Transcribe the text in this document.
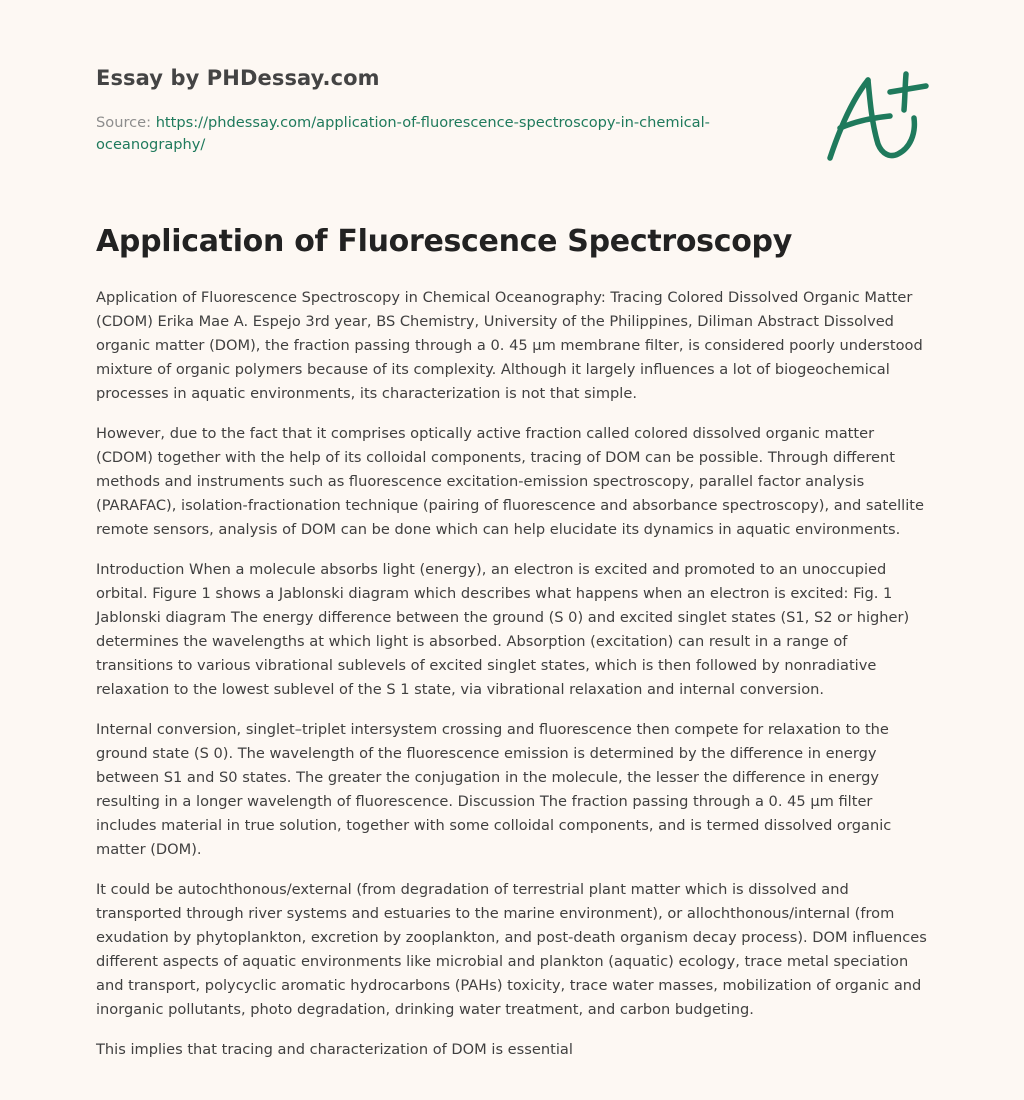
Essay by PHDessay.com
Source: https://phdessay.com/application-of-fluorescence-spectroscopy-in-chemical-oceanography/
Application of Fluorescence Spectroscopy

Application of Fluorescence Spectroscopy in Chemical Oceanography: Tracing Colored Dissolved Organic Matter (CDOM) Erika Mae A. Espejo 3rd year, BS Chemistry, University of the Philippines, Diliman Abstract Dissolved organic matter (DOM), the fraction passing through a 0. 45 μm membrane filter, is considered poorly understood mixture of organic polymers because of its complexity. Although it largely influences a lot of biogeochemical processes in aquatic environments, its characterization is not that simple.

However, due to the fact that it comprises optically active fraction called colored dissolved organic matter (CDOM) together with the help of its colloidal components, tracing of DOM can be possible. Through different methods and instruments such as fluorescence excitation-emission spectroscopy, parallel factor analysis (PARAFAC), isolation-fractionation technique (pairing of fluorescence and absorbance spectroscopy), and satellite remote sensors, analysis of DOM can be done which can help elucidate its dynamics in aquatic environments.

Introduction When a molecule absorbs light (energy), an electron is excited and promoted to an unoccupied orbital. Figure 1 shows a Jablonski diagram which describes what happens when an electron is excited: Fig. 1 Jablonski diagram The energy difference between the ground (S 0) and excited singlet states (S1, S2 or higher) determines the wavelengths at which light is absorbed. Absorption (excitation) can result in a range of transitions to various vibrational sublevels of excited singlet states, which is then followed by nonradiative relaxation to the lowest sublevel of the S 1 state, via vibrational relaxation and internal conversion.

Internal conversion, singlet–triplet intersystem crossing and fluorescence then compete for relaxation to the ground state (S 0). The wavelength of the fluorescence emission is determined by the difference in energy between S1 and S0 states. The greater the conjugation in the molecule, the lesser the difference in energy resulting in a longer wavelength of fluorescence. Discussion The fraction passing through a 0. 45 μm filter includes material in true solution, together with some colloidal components, and is termed dissolved organic matter (DOM).

It could be autochthonous/external (from degradation of terrestrial plant matter which is dissolved and transported through river systems and estuaries to the marine environment), or allochthonous/internal (from exudation by phytoplankton, excretion by zooplankton, and post-death organism decay process). DOM influences different aspects of aquatic environments like microbial and plankton (aquatic) ecology, trace metal speciation and transport, polycyclic aromatic hydrocarbons (PAHs) toxicity, trace water masses, mobilization of organic and inorganic pollutants, photo degradation, drinking water treatment, and carbon budgeting.

This implies that tracing and characterization of DOM is essential
